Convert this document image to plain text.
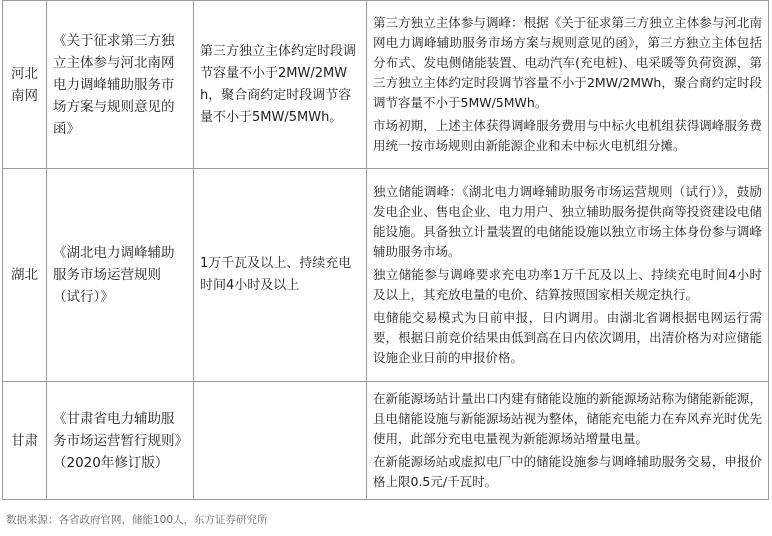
河北南网	《关于征求第三方独立主体参与河北南网电力调峰辅助服务市场方案与规则意见的函》	第三方独立主体约定时段调节容量不小于2MW/2MWh，聚合商约定时段调节容量不小于5MW/5MWh。	第三方独立主体参与调峰：根据《关于征求第三方独立主体参与河北南网电力调峰辅助服务市场方案与规则意见的函》，第三方独立主体包括分布式、发电侧储能装置、电动汽车(充电桩)、电采暖等负荷资源，第三方独立主体约定时段调节容量不小于2MW/2MWh，聚合商约定时段调节容量不小于5MW/5MWh。

市场初期，上述主体获得调峰服务费用与中标火电机组获得调峰服务费用统一按市场规则由新能源企业和未中标火电机组分摊。

湖北	《湖北电力调峰辅助服务市场运营规则（试行）》	1万千瓦及以上、持续充电时间4小时及以上	独立储能调峰：《湖北电力调峰辅助服务市场运营规则（试行）》，鼓励发电企业、售电企业、电力用户、独立辅助服务提供商等投资建设电储能设施。具备独立计量装置的电储能设施以独立市场主体身份参与调峰辅助服务市场。

独立储能参与调峰要求充电功率1万千瓦及以上、持续充电时间4小时及以上，其充放电量的电价、结算按照国家相关规定执行。

电储能交易模式为日前申报，日内调用。由湖北省调根据电网运行需要，根据日前竞价结果由低到高在日内依次调用，出清价格为对应储能设施企业日前的申报价格。

甘肃	《甘肃省电力辅助服务市场运营暂行规则》（2020年修订版）		在新能源场站计量出口内建有储能设施的新能源场站称为储能新能源，且电储能设施与新能源场站视为整体，储能充电能力在弃风弃光时优先使用，此部分充电电量视为新能源场站增量电量。

在新能源场站或虚拟电厂中的储能设施参与调峰辅助服务交易，申报价格上限0.5元/千瓦时。

数据来源：各省政府官网，储能100人，东方证券研究所
